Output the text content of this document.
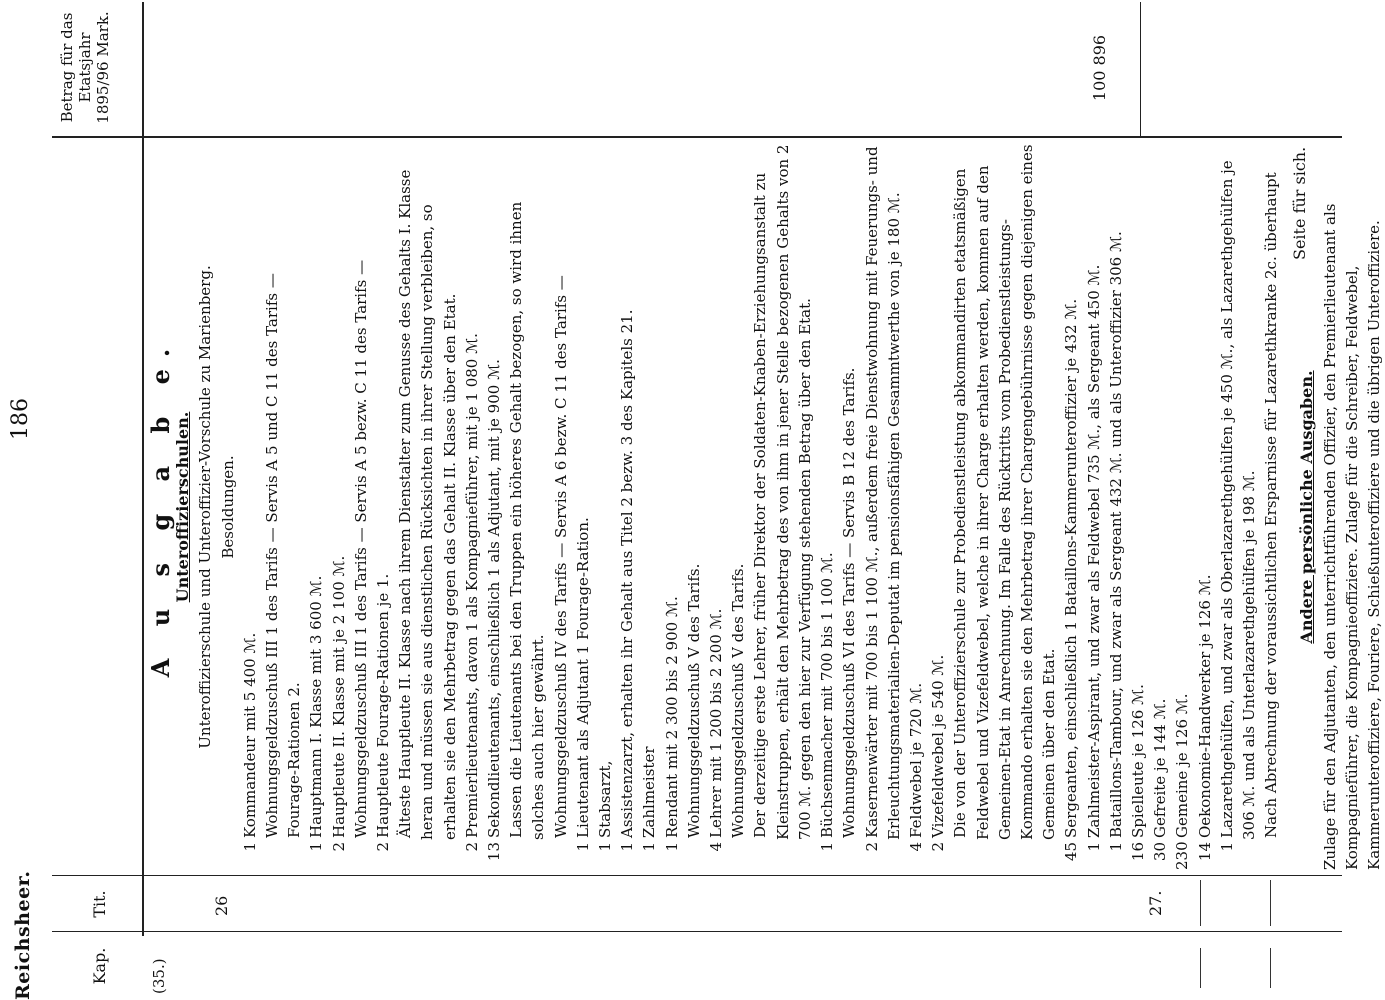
Reichsheer.
186
Kap.
Tit.
Betrag für das Etatsjahr 1895/96 Mark.
(35.)
26	27.

A u s g a b e.

Unteroffizierschulen. Unteroffizierschule und Unteroffizier-Vorschule zu Marienberg. Besoldungen.

1Kommandeur mit 5 400 ℳ. Wohnungsgeldzuschuß III 1 des Tarifs — Servis A 5 und C 11 des Tarifs — Fourage-Rationen 2.

1Hauptmann I. Klasse mit 3 600 ℳ.

2Hauptleute II. Klasse mit je 2 100 ℳ. Wohnungsgeldzuschuß III 1 des Tarifs — Servis A 5 bezw. C 11 des Tarifs —

2Hauptleute Fourage-Rationen je 1. Älteste Hauptleute II. Klasse nach ihrem Dienstalter zum Genusse des Gehalts I. Klasse heran und müssen sie aus dienstlichen Rücksichten in ihrer Stellung verbleiben, so erhalten sie den Mehrbetrag gegen das Gehalt II. Klasse über den Etat.

2Premierlieutenants, davon 1 als Kompagnieführer, mit je 1 080 ℳ.

13Sekondlieutenants, einschließlich 1 als Adjutant, mit je 900 ℳ. Lassen die Lieutenants bei den Truppen ein höheres Gehalt bezogen, so wird ihnen solches auch hier gewährt. Wohnungsgeldzuschuß IV des Tarifs — Servis A 6 bezw. C 11 des Tarifs —

1Lieutenant als Adjutant 1 Fourage-Ration.

1Stabsarzt,

1Assistenzarzt, erhalten ihr Gehalt aus Titel 2 bezw. 3 des Kapitels 21.

1Zahlmeister

1Rendant mit 2 300 bis 2 900 ℳ. Wohnungsgeldzuschuß V des Tarifs.

4Lehrer mit 1 200 bis 2 200 ℳ. Wohnungsgeldzuschuß V des Tarifs. Der derzeitige erste Lehrer, früher Direktor der Soldaten-Knaben-Erziehungsanstalt zu Kleinstruppen, erhält den Mehrbetrag des von ihm in jener Stelle bezogenen Gehalts von 2 700 ℳ. gegen den hier zur Verfügung stehenden Betrag über den Etat.

1Büchsenmacher mit 700 bis 1 100 ℳ. Wohnungsgeldzuschuß VI des Tarifs — Servis B 12 des Tarifs.

2Kasernenwärter mit 700 bis 1 100 ℳ., außerdem freie Dienstwohnung mit Feuerungs- und Erleuchtungsmaterialien-Deputat im pensionsfähigen Gesammtwerthe von je 180 ℳ.

4Feldwebel je 720 ℳ.

2Vizefeldwebel je 540 ℳ. Die von der Unteroffizierschule zur Probedienstleistung abkommandirten etatsmäßigen Feldwebel und Vizefeldwebel, welche in ihrer Charge erhalten werden, kommen auf den Gemeinen-Etat in Anrechnung. Im Falle des Rücktritts vom Probedienstleistungs-Kommando erhalten sie den Mehrbetrag ihrer Chargengebührnisse gegen diejenigen eines Gemeinen über den Etat.

45Sergeanten, einschließlich 1 Bataillons-Kammerunteroffizier je 432 ℳ.

1Zahlmeister-Aspirant, und zwar als Feldwebel 735 ℳ., als Sergeant 450 ℳ.

1Bataillons-Tambour, und zwar als Sergeant 432 ℳ. und als Unteroffizier 306 ℳ.

16Spielleute je 126 ℳ.

30Gefreite je 144 ℳ.

230Gemeine je 126 ℳ.

14Oekonomie-Handwerker je 126 ℳ.

1Lazarethgehülfen, und zwar als Oberlazarethgehülfen je 450 ℳ., als Lazarethgehülfen je 306 ℳ. und als Unterlazarethgehülfen je 198 ℳ. Nach Abrechnung der voraussichtlichen Ersparnisse für Lazarethkranke 2c. überhaupt Andere persönliche Ausgaben. Zulage für den Adjutanten, den unterrichtführenden Offizier, den Premierlieutenant als Kompagnieführer, die Kompagnieoffiziere. Zulage für die Schreiber, Feldwebel, Kammerunteroffiziere, Fouriere, Schießunteroffiziere und die übrigen Unteroffiziere.

100 896
Seite für sich.
